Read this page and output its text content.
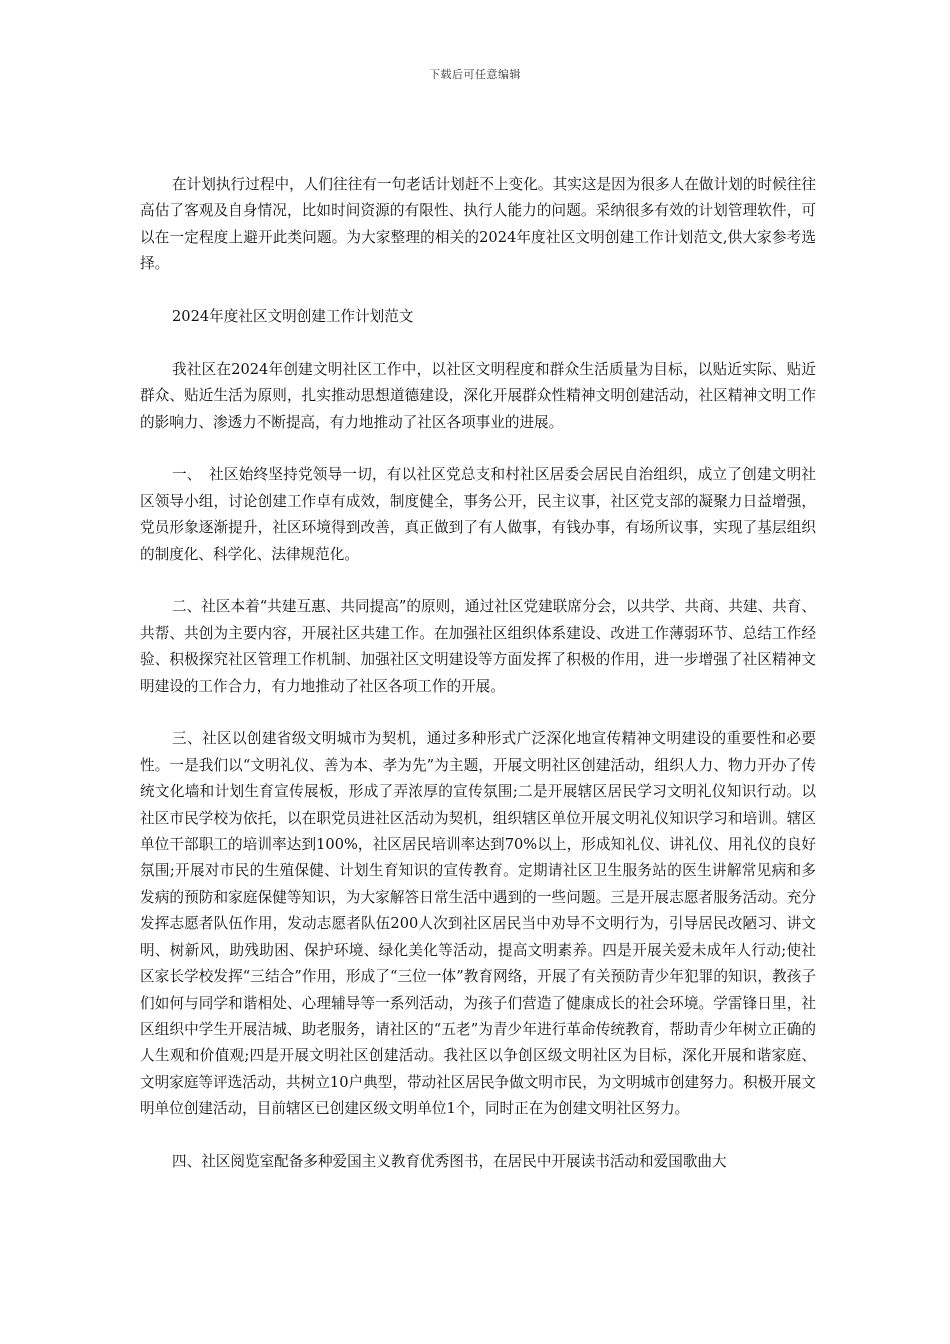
下载后可任意编辑

在计划执行过程中，人们往往有一句老话计划赶不上变化。其实这是因为很多人在做计划的时候往往高估了客观及自身情况，比如时间资源的有限性、执行人能力的问题。采纳很多有效的计划管理软件，可以在一定程度上避开此类问题。为大家整理的相关的2024年度社区文明创建工作计划范文,供大家参考选择。

2024年度社区文明创建工作计划范文

我社区在2024年创建文明社区工作中，以社区文明程度和群众生活质量为目标，以贴近实际、贴近群众、贴近生活为原则，扎实推动思想道德建设，深化开展群众性精神文明创建活动，社区精神文明工作的影响力、渗透力不断提高，有力地推动了社区各项事业的进展。

一、　社区始终坚持党领导一切，有以社区党总支和村社区居委会居民自治组织，成立了创建文明社区领导小组，讨论创建工作卓有成效，制度健全，事务公开，民主议事，社区党支部的凝聚力日益增强，党员形象逐渐提升，社区环境得到改善，真正做到了有人做事，有钱办事，有场所议事，实现了基层组织的制度化、科学化、法律规范化。

二、社区本着“共建互惠、共同提高”的原则，通过社区党建联席分会，以共学、共商、共建、共育、共帮、共创为主要内容，开展社区共建工作。在加强社区组织体系建设、改进工作薄弱环节、总结工作经验、积极探究社区管理工作机制、加强社区文明建设等方面发挥了积极的作用，进一步增强了社区精神文明建设的工作合力，有力地推动了社区各项工作的开展。

三、社区以创建省级文明城市为契机，通过多种形式广泛深化地宣传精神文明建设的重要性和必要性。一是我们以“文明礼仪、善为本、孝为先”为主题，开展文明社区创建活动，组织人力、物力开办了传统文化墙和计划生育宣传展板，形成了弄浓厚的宣传氛围;二是开展辖区居民学习文明礼仪知识行动。以社区市民学校为依托，以在职党员进社区活动为契机，组织辖区单位开展文明礼仪知识学习和培训。辖区单位干部职工的培训率达到100%，社区居民培训率达到70%以上，形成知礼仪、讲礼仪、用礼仪的良好氛围;开展对市民的生殖保健、计划生育知识的宣传教育。定期请社区卫生服务站的医生讲解常见病和多发病的预防和家庭保健等知识，为大家解答日常生活中遇到的一些问题。三是开展志愿者服务活动。充分发挥志愿者队伍作用，发动志愿者队伍200人次到社区居民当中劝导不文明行为，引导居民改陋习、讲文明、树新风，助残助困、保护环境、绿化美化等活动，提高文明素养。四是开展关爱未成年人行动;使社区家长学校发挥“三结合”作用，形成了“三位一体”教育网络，开展了有关预防青少年犯罪的知识，教孩子们如何与同学和谐相处、心理辅导等一系列活动，为孩子们营造了健康成长的社会环境。学雷锋日里，社区组织中学生开展洁城、助老服务，请社区的“五老”为青少年进行革命传统教育，帮助青少年树立正确的人生观和价值观;四是开展文明社区创建活动。我社区以争创区级文明社区为目标，深化开展和谐家庭、文明家庭等评选活动，共树立10户典型，带动社区居民争做文明市民，为文明城市创建努力。积极开展文明单位创建活动，目前辖区已创建区级文明单位1个，同时正在为创建文明社区努力。

四、社区阅览室配备多种爱国主义教育优秀图书，在居民中开展读书活动和爱国歌曲大
